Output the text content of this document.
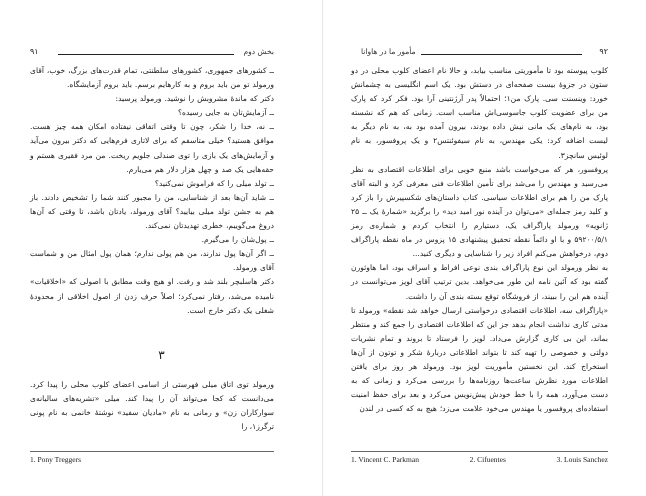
۹۱	بخش دوم

ــ کشورهای جمهوری، کشورهای سلطنتی، تمام قدرت‌های بزرگ، خوب، آقای ورمولد تو من باید بروم و به کارهایم برسم. باید بروم آزمایشگاه.

دکتر که ماندهٔ مشروبش را نوشید. ورمولد پرسید:

ــ آزمایش‌تان به جایی رسیده؟

ــ نه، خدا را شکر، چون تا وقتی اتفاقی نیفتاده امکان همه چیز هست. موافق هستید؟ خیلی متاسفم که برای لاتاری فرم‌هایی که دکتر بیرون می‌آید و آزمایش‌های یک بازی را توی صندلی جلویم ریخت. من مرد فقیری هستم و حقه‌هایی یک صد و چهل هزار دلار هم می‌یارم.

ــ تولد میلی را که فراموش نمی‌کنید؟

ــ شاید آن‌ها بعد از شناسایی، من را مجبور کنند شما را تشخیص دادند. باز هم به جشن تولد میلی بیایید؟ آقای ورمولد، یادتان باشد، تا وقتی که آن‌ها دروغ می‌گوییم، خطری تهدیدتان نمی‌کند.

ــ پول‌شان را می‌گیرم.

ــ اگر آن‌ها پول ندارند، من هم پولی ندارم؛ همان پول امثال من و شماست آقای ورمولد.

دکتر هاسلبچر بلند شد و رفت. او هیچ وقت مطابق با اصولی که «اخلاقیات» نامیده می‌شد، رفتار نمی‌کرد؛ اصلاً حرف زدن از اصول اخلاقی از محدودهٔ شغلی یک دکتر خارج است.

۳

ورمولد توی اتاق میلی فهرستی از اسامی اعضای کلوب محلی را پیدا کرد. می‌دانست که کجا می‌تواند آن را پیدا کند. میلی «تشریه‌های سالیانه‌ی سوارکاران زن» و رمانی به نام «مادیان سفید» نوشتهٔ خانمی به نام پونی ترگرز۱، را

1. Pony Treggers
۹۲
مأمور ما در هاوانا

کلوب پیوسته بود تا مأموریتی مناسب بیابد، و حالا نام اعضای کلوب محلی در دو ستون در جزوهٔ بیست صفحه‌ای در دستش بود. یک اسم انگلیسی به چشمانش خورد: وینسنت سی. پارک من۱؛ احتمالاً پدر آرژنتینی آرا بود. فکر کرد که پارک من برای عضویت کلوب جاسوسی‌اش مناسب است. زمانی که هم که نشسته بود، به نام‌های یک مانی نیش داده بودند، بیرون آمده بود به، به نام دیگر به لیست اضافه کرد: یکی مهندس، به نام سیفوئنتس۲ و یک پروفسور، به نام لوئیس سانچز۳.

پروفسور، هر که می‌خواست باشد منبع خوبی برای اطلاعات اقتصادی به نظر می‌رسید و مهندس را می‌شد برای تأمین اطلاعات فنی معرفی کرد و البته آقای پارک من را هم برای اطلاعات سیاسی. کتاب داستان‌های شکسپیرش را باز کرد و کلید رمز جمله‌ای «می‌توان در آینده نور امید دید» را برگزید «شمارهٔ یک ــ ۲۵ ژانویه» ورمولد پاراگراف یک، دستیارم را انتخاب کردم و شماره‌ی رمز ۵۹۲۰۰/۵/۱ و با او دائماً نقطه تحقیق پیشنهادی ۱۵ پزوس در ماه نقطه پاراگراف دوم، درخواهش می‌کنم افراد زیر را شناسایی و دیگری کنید...

به نظر ورمولد این نوع پاراگراف بندی نوعی افراط و اسراف بود، اما هاوثورن گفته بود که آئین نامه این طور می‌خواهد. بدین ترتیب آقای لوپز می‌توانست در آینده هم این را ببیند، از فروشگاه توقع بسته بندی آن را داشت.

«پاراگراف سه، اطلاعات اقتصادی درخواستی ارسال خواهد شد نقطه» ورمولد تا مدتی کاری نداشت انجام بدهد جز این که اطلاعات اقتصادی را جمع کند و منتظر بماند، این بی کاری گزارش می‌داد. لوپز را فرستاد تا بروند و تمام نشریات دولتی و خصوصی را تهیه کند تا بتواند اطلاعاتی دربارهٔ شکر و توتون از آن‌ها استخراج کند. این نخستین مأموریت لوپز بود. ورمولد هر روز برای یافتن اطلاعات مورد نظرش ساعت‌ها روزنامه‌ها را بررسی می‌کرد و زمانی که به دست می‌آورد، همه را با خط خودش پیش‌نویس می‌کرد و بعد برای حفظ امنیت استفاده‌ای پروفسور یا مهندس می‌خود علامت می‌زد؛ هیچ به که کسی در لندن

1. Vincent C. Parkman	2. Cifuentes	3. Louis Sanchez
